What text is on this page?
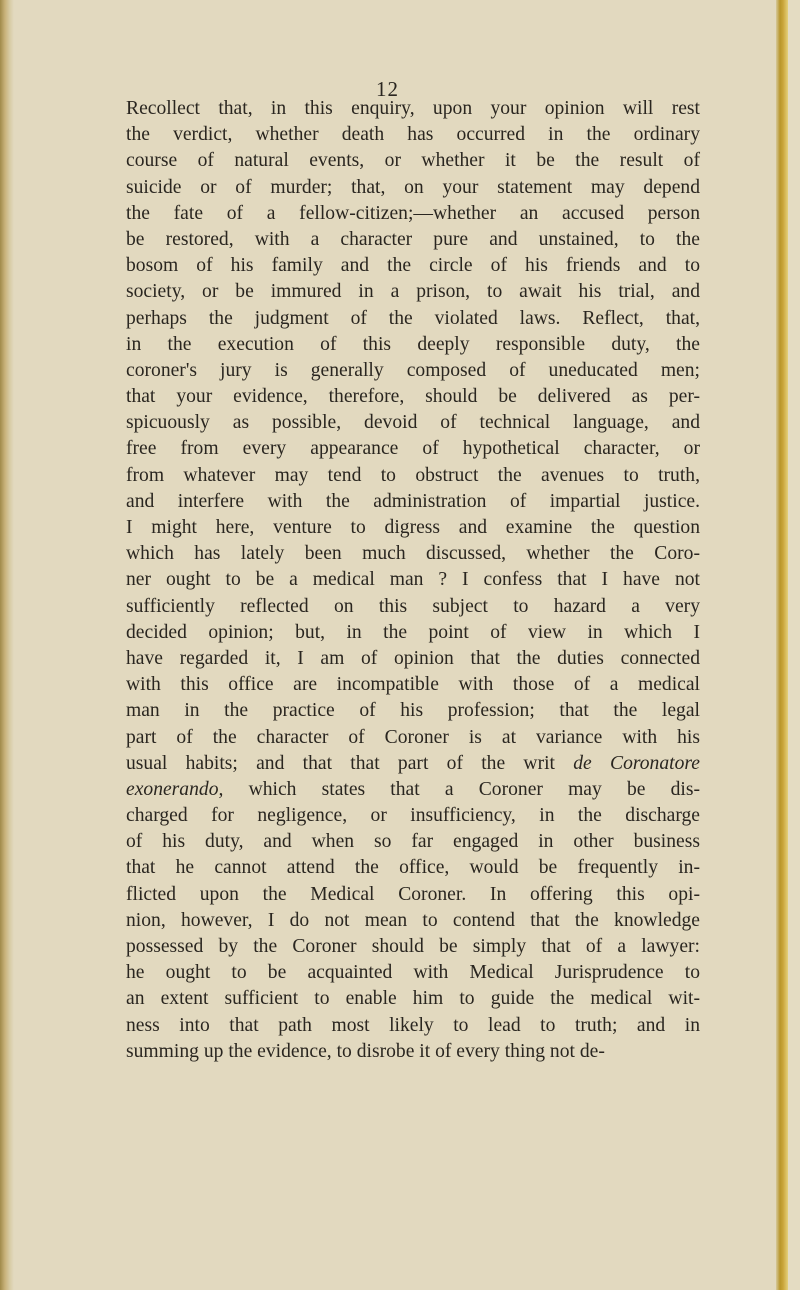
12
Recollect that, in this enquiry, upon your opinion will rest
the verdict, whether death has occurred in the ordinary
course of natural events, or whether it be the result of
suicide or of murder; that, on your statement may depend
the fate of a fellow-citizen;—whether an accused person
be restored, with a character pure and unstained, to the
bosom of his family and the circle of his friends and to
society, or be immured in a prison, to await his trial, and
perhaps the judgment of the violated laws. Reflect, that,
in the execution of this deeply responsible duty, the
coroner's jury is generally composed of uneducated men;
that your evidence, therefore, should be delivered as per-
spicuously as possible, devoid of technical language, and
free from every appearance of hypothetical character, or
from whatever may tend to obstruct the avenues to truth,
and interfere with the administration of impartial justice.
I might here, venture to digress and examine the question
which has lately been much discussed, whether the Coro-
ner ought to be a medical man ? I confess that I have not
sufficiently reflected on this subject to hazard a very
decided opinion; but, in the point of view in which I
have regarded it, I am of opinion that the duties connected
with this office are incompatible with those of a medical
man in the practice of his profession; that the legal
part of the character of Coroner is at variance with his
usual habits; and that that part of the writ de Coronatore
exonerando, which states that a Coroner may be dis-
charged for negligence, or insufficiency, in the discharge
of his duty, and when so far engaged in other business
that he cannot attend the office, would be frequently in-
flicted upon the Medical Coroner. In offering this opi-
nion, however, I do not mean to contend that the knowledge
possessed by the Coroner should be simply that of a lawyer:
he ought to be acquainted with Medical Jurisprudence to
an extent sufficient to enable him to guide the medical wit-
ness into that path most likely to lead to truth; and in
summing up the evidence, to disrobe it of every thing not de-
